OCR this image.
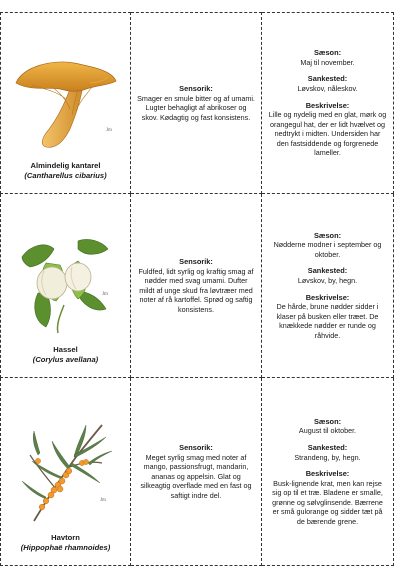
Jm
Almindelig kantarel
(Cantharellus cibarius)
Sensorik:
Smager en smule bitter og af umami. Lugter behagligt af abrikoser og skov. Kødagtig og fast konsistens.
Sæson:
Maj til november.
Sankested:
Løvskov, nåleskov.
Beskrivelse:
Lille og nydelig med en glat, mørk og orangegul hat, der er lidt hvælvet og nedtrykt i midten. Undersiden har den fastsiddende og forgrenede lameller.
Jm
Hassel
(Corylus avellana)
Sensorik:
Fuldfed, lidt syrlig og kraftig smag af nødder med svag umami. Dufter mildt af unge skud fra løvtræer med noter af rå kartoffel. Sprød og saftig konsistens.
Sæson:
Nødderne modner i september og oktober.
Sankested:
Løvskov, by, hegn.
Beskrivelse:
De hårde, brune nødder sidder i klaser på busken eller træet. De knækkede nødder er runde og råhvide.
Jm
Havtorn
(Hippophaë rhamnoides)
Sensorik:
Meget syrlig smag med noter af mango, passionsfrugt, mandarin, ananas og appelsin. Glat og silkeagtig overflade med en fast og saftigt indre del.
Sæson:
August til oktober.
Sankested:
Strandeng, by, hegn.
Beskrivelse:
Busk-lignende krat, men kan rejse sig op til et træ. Bladene er smalle, grønne og sølvglinsende. Bærrene er små gulorange og sidder tæt på de bærende grene.
